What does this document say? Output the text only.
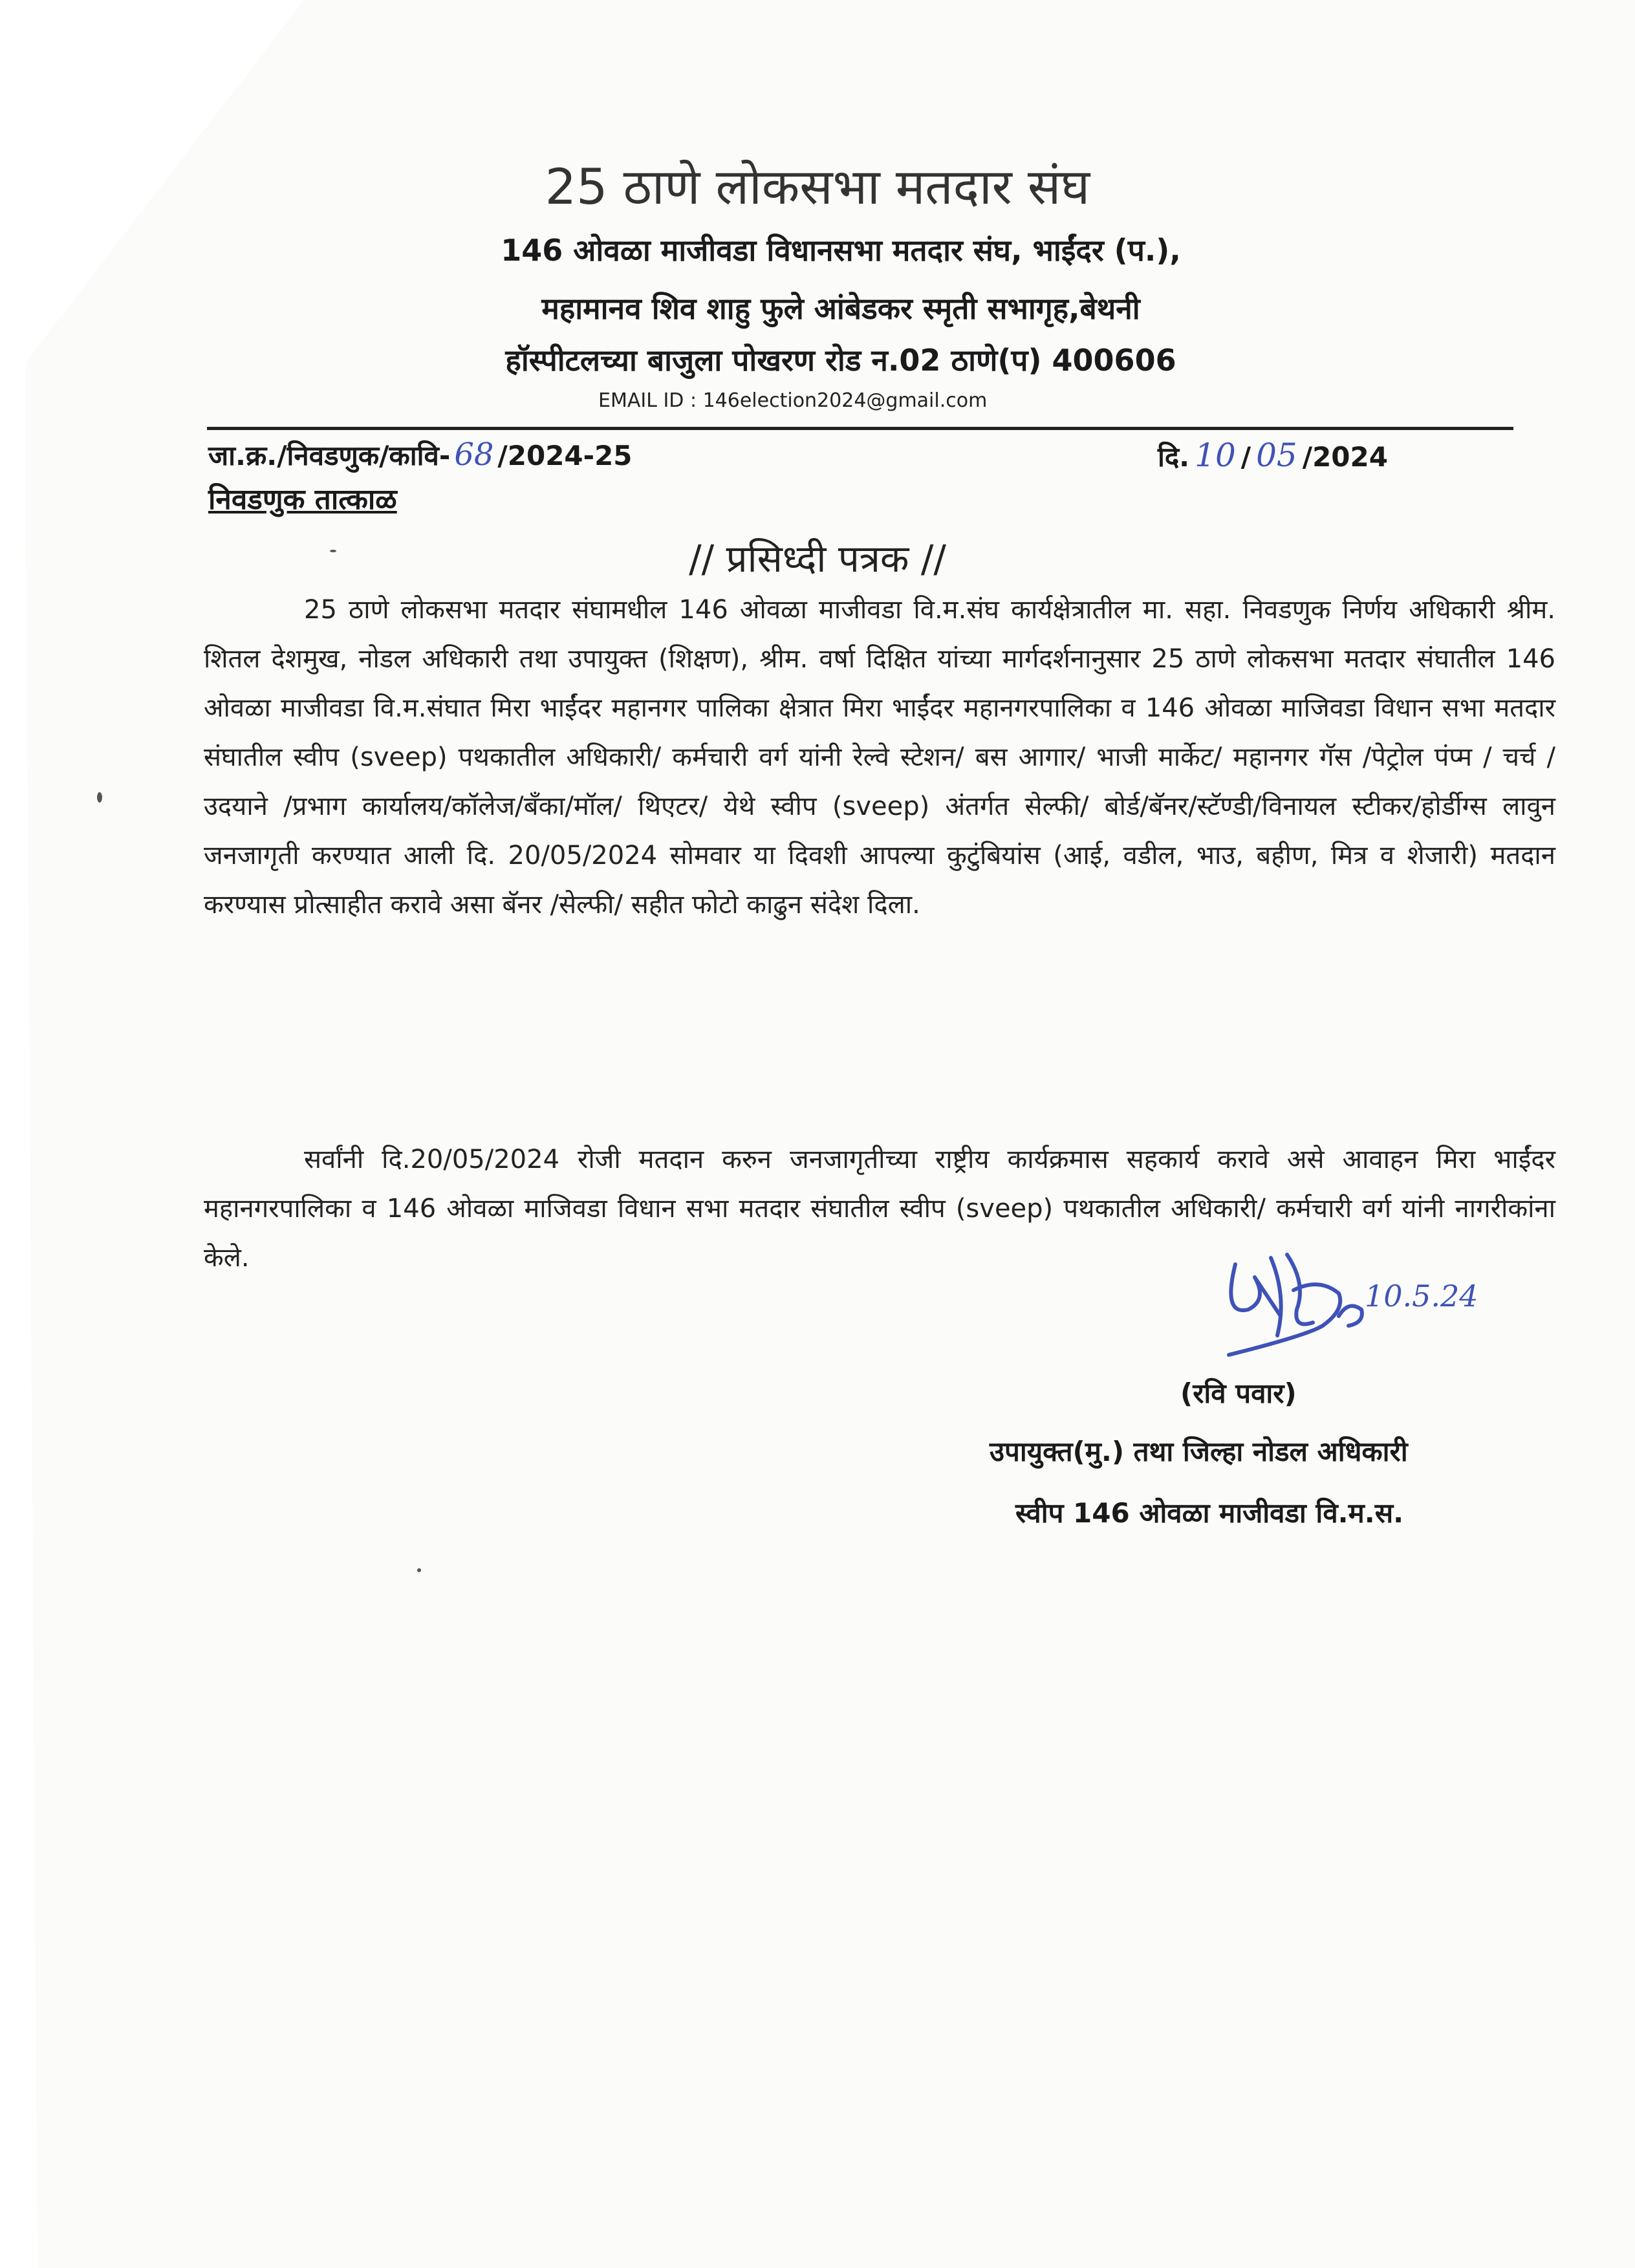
25 ठाणे लोकसभा मतदार संघ
146 ओवळा माजीवडा विधानसभा मतदार संघ, भाईंदर (प.),
महामानव शिव शाहु फुले आंबेडकर स्मृती सभागृह,बेथनी
हॉस्पीटलच्या बाजुला पोखरण रोड न.02 ठाणे(प) 400606
EMAIL ID : 146election2024@gmail.com
जा.क्र./निवडणुक/कावि- 68 /2024-25	दि. 10 / 05 /2024
निवडणुक तात्काळ
// प्रसिध्दी पत्रक //
25 ठाणे लोकसभा मतदार संघामधील 146 ओवळा माजीवडा वि.म.संघ कार्यक्षेत्रातील मा. सहा. निवडणुक निर्णय अधिकारी श्रीम. शितल देशमुख, नोडल अधिकारी तथा उपायुक्त (शिक्षण), श्रीम. वर्षा दिक्षित यांच्या मार्गदर्शनानुसार 25 ठाणे लोकसभा मतदार संघातील 146 ओवळा माजीवडा वि.म.संघात मिरा भाईंदर महानगर पालिका क्षेत्रात मिरा भाईंदर महानगरपालिका व 146 ओवळा माजिवडा विधान सभा मतदार संघातील स्वीप (sveep) पथकातील अधिकारी/ कर्मचारी वर्ग यांनी रेल्वे स्टेशन/ बस आगार/ भाजी मार्केट/ महानगर गॅस /पेट्रोल पंप्म / चर्च /उदयाने /प्रभाग कार्यालय/कॉलेज/बँका/मॉल/ थिएटर/ येथे स्वीप (sveep) अंतर्गत सेल्फी/ बोर्ड/बॅनर/स्टॅण्डी/विनायल स्टीकर/होर्डीग्स लावुन जनजागृती करण्यात आली दि. 20/05/2024 सोमवार या दिवशी आपल्या कुटुंबियांस (आई, वडील, भाउ, बहीण, मित्र व शेजारी) मतदान करण्यास प्रोत्साहीत करावे असा बॅनर /सेल्फी/ सहीत फोटो काढुन संदेश दिला.
सर्वांनी दि.20/05/2024 रोजी मतदान करुन जनजागृतीच्या राष्ट्रीय कार्यक्रमास सहकार्य करावे असे आवाहन मिरा भाईंदर महानगरपालिका व 146 ओवळा माजिवडा विधान सभा मतदार संघातील स्वीप (sveep) पथकातील अधिकारी/ कर्मचारी वर्ग यांनी नागरीकांना केले.
10.5.24
(रवि पवार)
उपायुक्त(मु.) तथा जिल्हा नोडल अधिकारी
स्वीप 146 ओवळा माजीवडा वि.म.स.
